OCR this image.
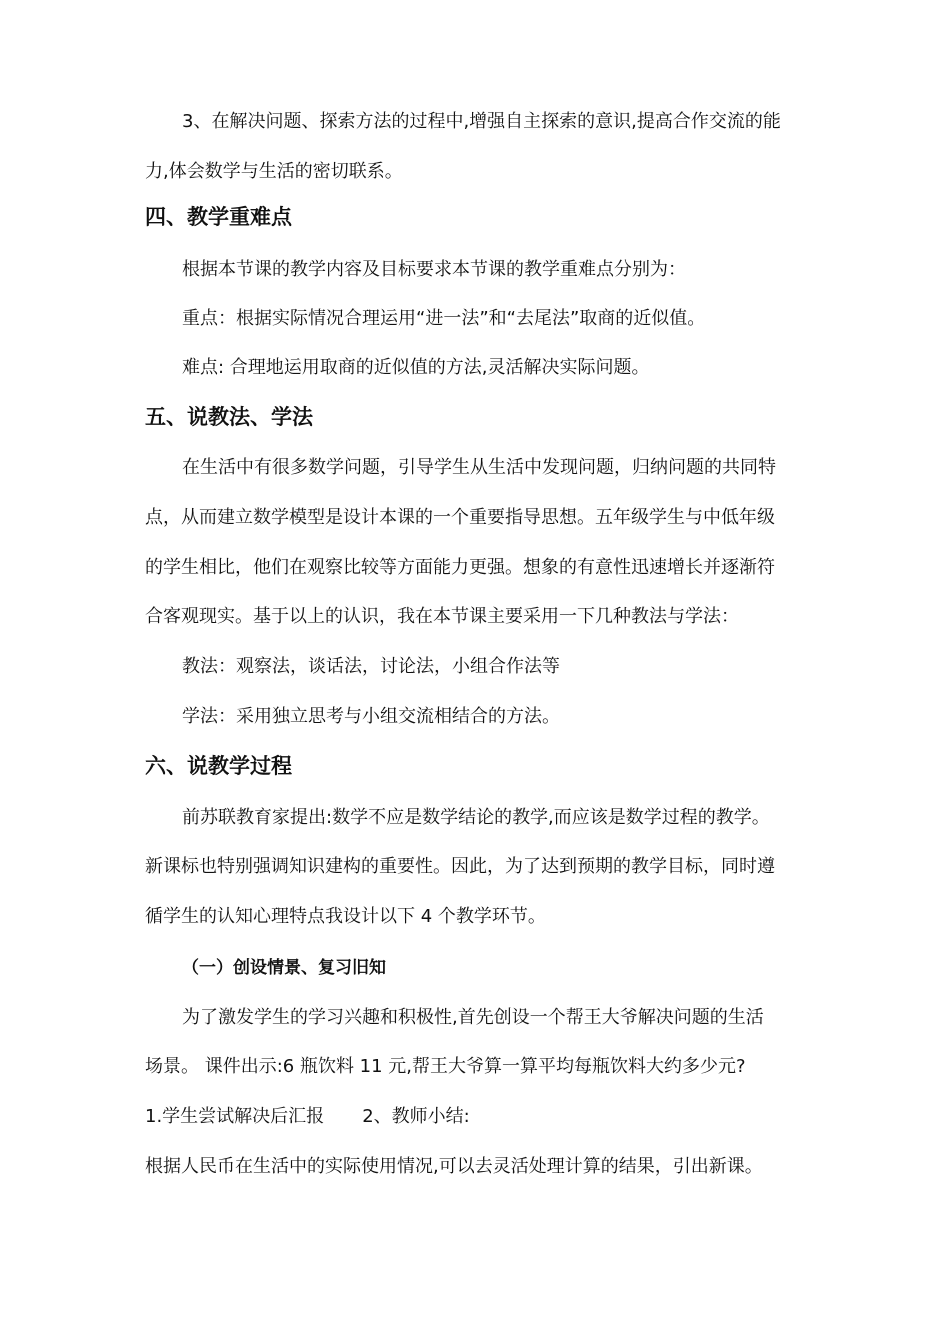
3、在解决问题、探索方法的过程中,增强自主探索的意识,提高合作交流的能
力,体会数学与生活的密切联系。
四、教学重难点
根据本节课的教学内容及目标要求本节课的教学重难点分别为：
重点：根据实际情况合理运用“进一法”和“去尾法”取商的近似值。
难点: 合理地运用取商的近似值的方法,灵活解决实际问题。
五、说教法、学法
在生活中有很多数学问题，引导学生从生活中发现问题，归纳问题的共同特
点，从而建立数学模型是设计本课的一个重要指导思想。五年级学生与中低年级
的学生相比，他们在观察比较等方面能力更强。想象的有意性迅速增长并逐渐符
合客观现实。基于以上的认识，我在本节课主要采用一下几种教法与学法：
教法：观察法，谈话法，讨论法，小组合作法等
学法：采用独立思考与小组交流相结合的方法。
六、说教学过程
前苏联教育家提出:数学不应是数学结论的教学,而应该是数学过程的教学。
新课标也特别强调知识建构的重要性。因此，为了达到预期的教学目标，同时遵
循学生的认知心理特点我设计以下 4 个教学环节。
（一）创设情景、复习旧知
为了激发学生的学习兴趣和积极性,首先创设一个帮王大爷解决问题的生活
场景。 课件出示:6 瓶饮料 11 元,帮王大爷算一算平均每瓶饮料大约多少元?
1.学生尝试解决后汇报 2、教师小结:
根据人民币在生活中的实际使用情况,可以去灵活处理计算的结果，引出新课。
